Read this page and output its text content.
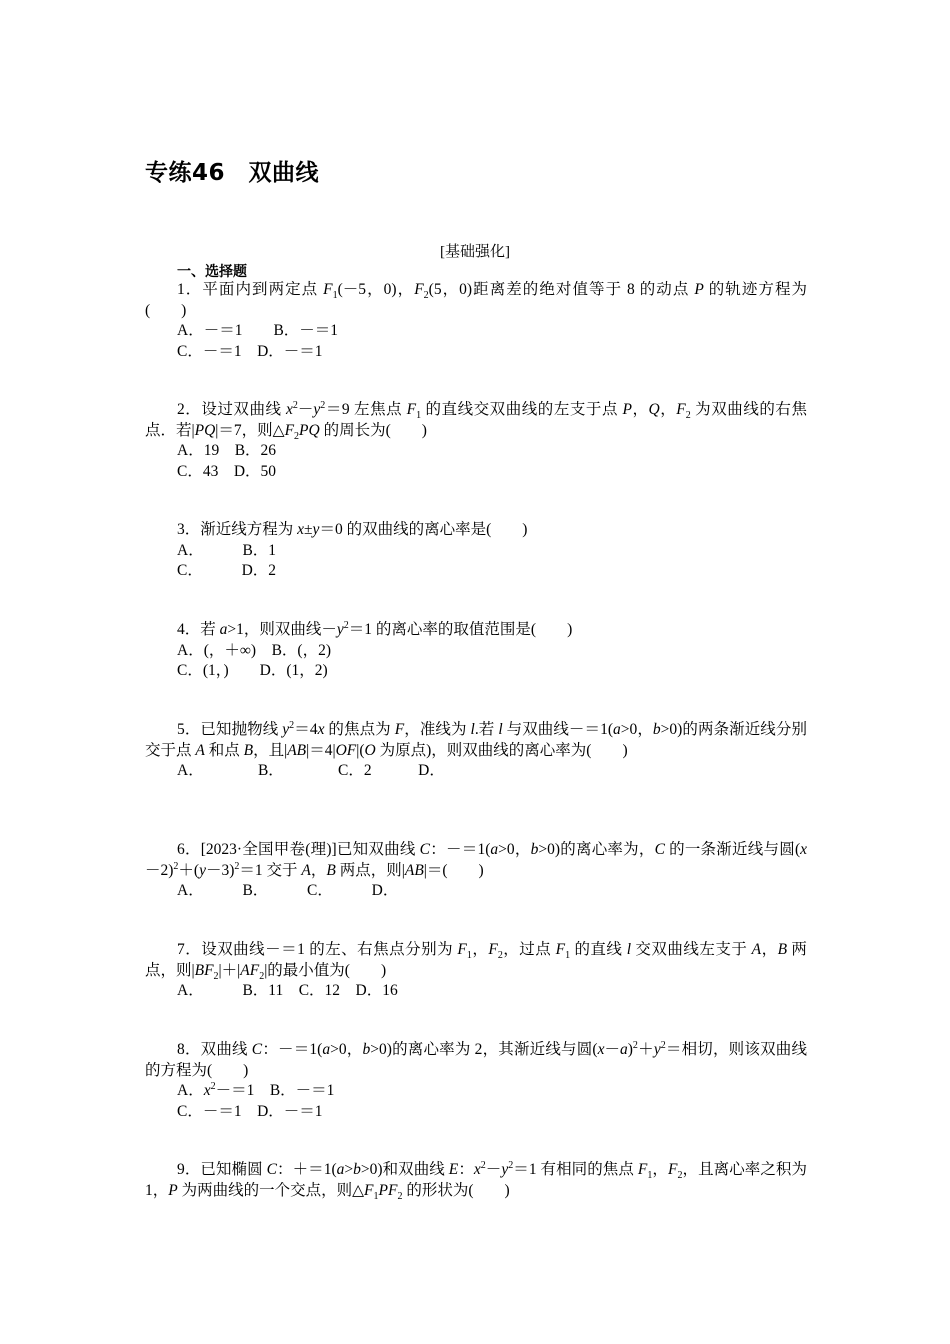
专练46　双曲线
[基础强化]
一、选择题
1．平面内到两定点 $F_1(-5$，0)，$F_2(5$，0)距离差的绝对值等于 8 的动点 P 的轨迹方程为(　　)
A．－＝1　　B．－＝1
C．－＝1　D．－＝1
2．设过双曲线 $x^2-y^2=9$ 左焦点 $F_1$ 的直线交双曲线的左支于点 P，Q，$F_2$ 为双曲线的右焦点．若|PQ|＝7，则$\triangle F_2PQ$ 的周长为(　　)
A．19　B．26
C．43　D．50
3．渐近线方程为 x±y＝0 的双曲线的离心率是(　　)
A．　　　B．1
C．　　　D．2
4．若 a>1，则双曲线$-y^2=1$ 的离心率的取值范围是(　　)
A．(，＋∞)　B．(，2)
C．(1，)　　D．(1，2)
5．已知抛物线 $y^2=4x$ 的焦点为 F，准线为 l.若 l 与双曲线－＝1(a>0，b>0)的两条渐近线分别交于点 A 和点 B，且|AB|＝4|OF|(O 为原点)，则双曲线的离心率为(　　)
A．　　　　B．　　　　C．2　　　D．
6．[2023·全国甲卷(理)]已知双曲线 C：－＝1(a>0，b>0)的离心率为，C 的一条渐近线与圆$(x-2)^2+(y-3)^2=1$ 交于 A，B 两点，则|AB|＝(　　)
A．　　　B．　　　C．　　　D．
7．设双曲线－＝1 的左、右焦点分别为 $F_1$，$F_2$，过点 $F_1$ 的直线 l 交双曲线左支于 A，B 两点，则$|BF_2|+|AF_2|$的最小值为(　　)
A．　　　B．11　C．12　D．16
8．双曲线 C：－＝1(a>0，b>0)的离心率为 2，其渐近线与圆$(x-a)^2+y^2=$相切，则该双曲线的方程为(　　)
A．$x^2-=1$　B．－＝1
C．－＝1　D．－＝1
9．已知椭圆 C：＋＝1(a>b>0)和双曲线 E：$x^2-y^2=1$ 有相同的焦点 $F_1$，$F_2$，且离心率之积为 1，P 为两曲线的一个交点，则$\triangle F_1PF_2$ 的形状为(　　)
